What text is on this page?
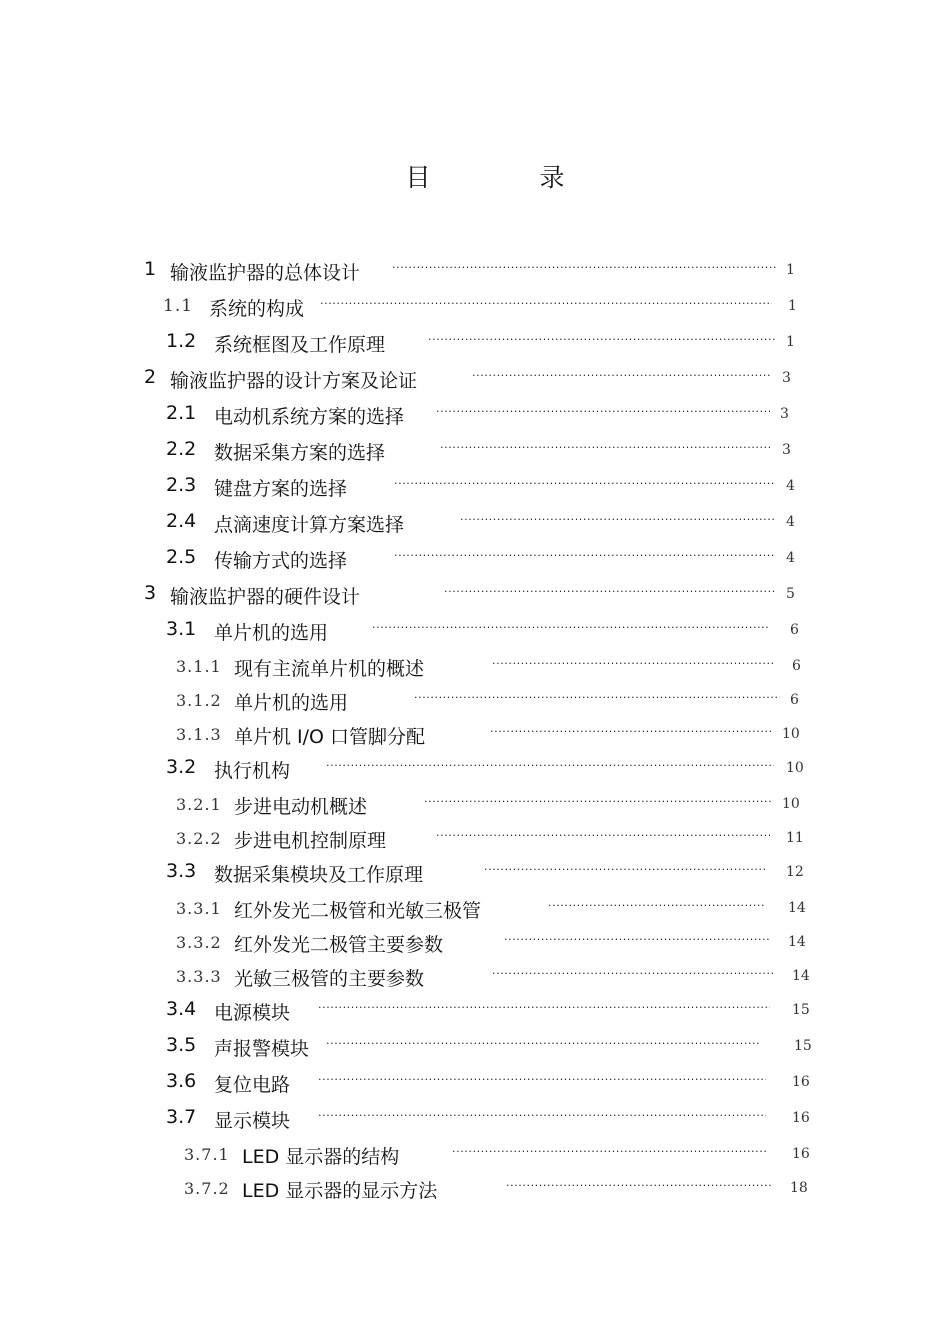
目　录
1 输液监护器的总体设计 ·····	1
1.1 系统的构成 ·····	1
1.2 系统框图及工作原理 ·····	1
2 输液监护器的设计方案及论证 ·····	3
2.1 电动机系统方案的选择 ·····	3
2.2 数据采集方案的选择 ·····	3
2.3 键盘方案的选择 ·····	4
2.4 点滴速度计算方案选择 ·····	4
2.5 传输方式的选择 ·····	4
3 输液监护器的硬件设计 ·····	5
3.1 单片机的选用 ·····	6
3.1.1 现有主流单片机的概述 ·····	6
3.1.2 单片机的选用 ·····	6
3.1.3 单片机 I/O 口管脚分配 ·····	10
3.2 执行机构 ·····	10
3.2.1 步进电动机概述 ·····	10
3.2.2 步进电机控制原理 ·····	11
3.3 数据采集模块及工作原理 ·····	12
3.3.1 红外发光二极管和光敏三极管 ·····	14
3.3.2 红外发光二极管主要参数 ·····	14
3.3.3 光敏三极管的主要参数 ·····	14
3.4 电源模块 ·····	15
3.5 声报警模块 ·····	15
3.6 复位电路 ·····	16
3.7 显示模块 ·····	16
3.7.1 LED 显示器的结构 ·····	16
3.7.2 LED 显示器的显示方法 ·····	18
